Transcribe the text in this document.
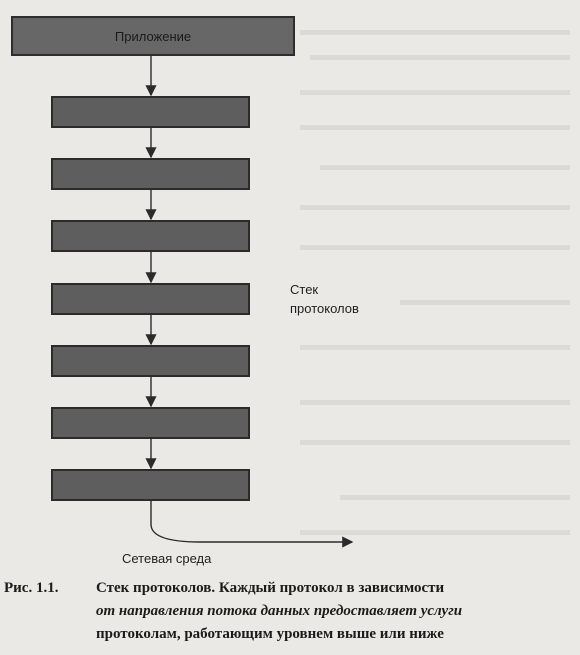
Приложение
Стек
протоколов
Сетевая среда
Рис. 1.1.	Стек протоколов. Каждый протокол в зависимости
от направления потока данных предоставляет услуги
протоколам, работающим уровнем выше или ниже
